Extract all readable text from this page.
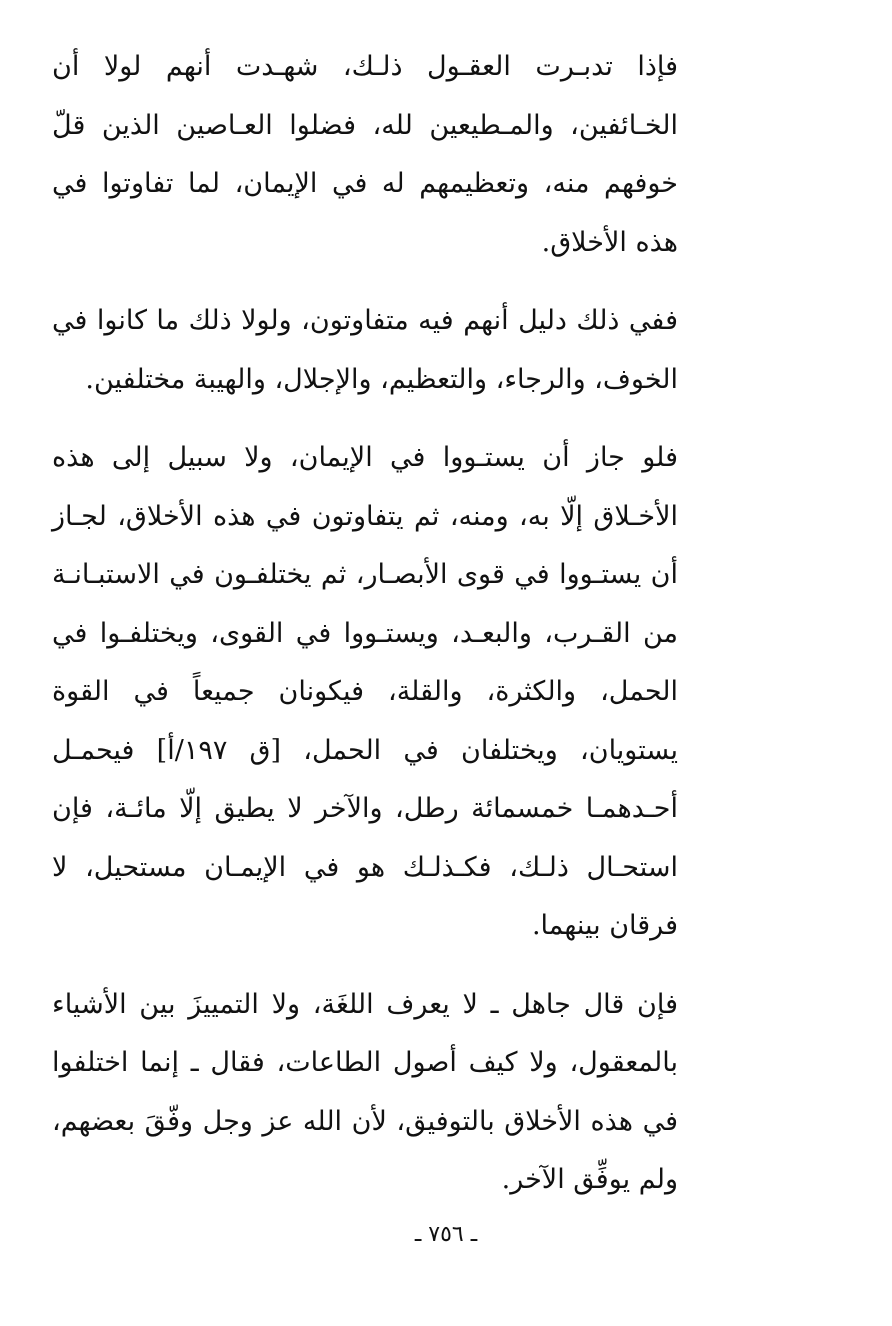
فإذا تدبـرت العقـول ذلـك، شهـدت أنهم لولا أن الخـائفين، والمـطيعين لله، فضلوا العـاصين الذين قلّ خوفهم منه، وتعظيمهم له في الإيمان، لما تفاوتوا في هذه الأخلاق.

ففي ذلك دليل أنهم فيه متفاوتون، ولولا ذلك ما كانوا في الخوف، والرجاء، والتعظيم، والإجلال، والهيبة مختلفين.

فلو جاز أن يستـووا في الإيمان، ولا سبيل إلى هذه الأخـلاق إلّا به، ومنه، ثم يتفاوتون في هذه الأخلاق، لجـاز أن يستـووا في قوى الأبصـار، ثم يختلفـون في الاستبـانـة من القـرب، والبعـد، ويستـووا في القوى، ويختلفـوا في الحمل، والكثرة، والقلة، فيكونان جميعاً في القوة يستويان، ويختلفان في الحمل، [ق ١٩٧/أ] فيحمـل أحـدهمـا خمسمائة رطل، والآخر لا يطيق إلّا مائـة، فإن استحـال ذلـك، فكـذلـك هو في الإيمـان مستحيل، لا فرقان بينهما.

فإن قال جاهل ـ لا يعرف اللغَة، ولا التمييزَ بين الأشياء بالمعقول، ولا كيف أصول الطاعات، فقال ـ إنما اختلفوا في هذه الأخلاق بالتوفيق، لأن الله عز وجل وفّقَ بعضهم، ولم يوفِّق الآخر.

ـ ٧٥٦ ـ
